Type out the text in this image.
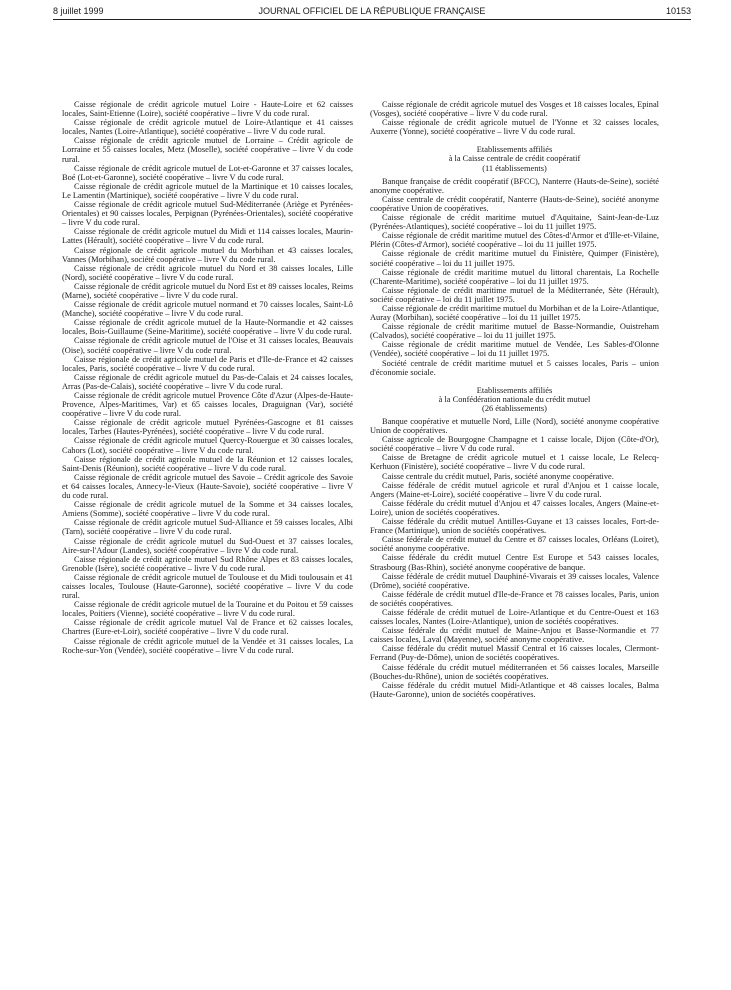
8 juillet 1999	JOURNAL OFFICIEL DE LA RÉPUBLIQUE FRANÇAISE	10153

Caisse régionale de crédit agricole mutuel Loire - Haute-Loire et 62 caisses locales, Saint-Etienne (Loire), société coopérative – livre V du code rural.

Caisse régionale de crédit agricole mutuel de Loire-Atlantique et 41 caisses locales, Nantes (Loire-Atlantique), société coopérative – livre V du code rural.

Caisse régionale de crédit agricole mutuel de Lorraine – Crédit agricole de Lorraine et 55 caisses locales, Metz (Moselle), société coopérative – livre V du code rural.

Caisse régionale de crédit agricole mutuel de Lot-et-Garonne et 37 caisses locales, Boé (Lot-et-Garonne), société coopérative – livre V du code rural.

Caisse régionale de crédit agricole mutuel de la Martinique et 10 caisses locales, Le Lamentin (Martinique), société coopérative – livre V du code rural.

Caisse régionale de crédit agricole mutuel Sud-Méditerranée (Ariège et Pyrénées-Orientales) et 90 caisses locales, Perpignan (Pyrénées-Orientales), société coopérative – livre V du code rural.

Caisse régionale de crédit agricole mutuel du Midi et 114 caisses locales, Maurin-Lattes (Hérault), société coopérative – livre V du code rural.

Caisse régionale de crédit agricole mutuel du Morbihan et 43 caisses locales, Vannes (Morbihan), société coopérative – livre V du code rural.

Caisse régionale de crédit agricole mutuel du Nord et 38 caisses locales, Lille (Nord), société coopérative – livre V du code rural.

Caisse régionale de crédit agricole mutuel du Nord Est et 89 caisses locales, Reims (Marne), société coopérative – livre V du code rural.

Caisse régionale de crédit agricole mutuel normand et 70 caisses locales, Saint-Lô (Manche), société coopérative – livre V du code rural.

Caisse régionale de crédit agricole mutuel de la Haute-Normandie et 42 caisses locales, Bois-Guillaume (Seine-Maritime), société coopérative – livre V du code rural.

Caisse régionale de crédit agricole mutuel de l'Oise et 31 caisses locales, Beauvais (Oise), société coopérative – livre V du code rural.

Caisse régionale de crédit agricole mutuel de Paris et d'Ile-de-France et 42 caisses locales, Paris, société coopérative – livre V du code rural.

Caisse régionale de crédit agricole mutuel du Pas-de-Calais et 24 caisses locales, Arras (Pas-de-Calais), société coopérative – livre V du code rural.

Caisse régionale de crédit agricole mutuel Provence Côte d'Azur (Alpes-de-Haute-Provence, Alpes-Maritimes, Var) et 65 caisses locales, Draguignan (Var), société coopérative – livre V du code rural.

Caisse régionale de crédit agricole mutuel Pyrénées-Gascogne et 81 caisses locales, Tarbes (Hautes-Pyrénées), société coopérative – livre V du code rural.

Caisse régionale de crédit agricole mutuel Quercy-Rouergue et 30 caisses locales, Cahors (Lot), société coopérative – livre V du code rural.

Caisse régionale de crédit agricole mutuel de la Réunion et 12 caisses locales, Saint-Denis (Réunion), société coopérative – livre V du code rural.

Caisse régionale de crédit agricole mutuel des Savoie – Crédit agricole des Savoie et 64 caisses locales, Annecy-le-Vieux (Haute-Savoie), société coopérative – livre V du code rural.

Caisse régionale de crédit agricole mutuel de la Somme et 34 caisses locales, Amiens (Somme), société coopérative – livre V du code rural.

Caisse régionale de crédit agricole mutuel Sud-Alliance et 59 caisses locales, Albi (Tarn), société coopérative – livre V du code rural.

Caisse régionale de crédit agricole mutuel du Sud-Ouest et 37 caisses locales, Aire-sur-l'Adour (Landes), société coopérative – livre V du code rural.

Caisse régionale de crédit agricole mutuel Sud Rhône Alpes et 83 caisses locales, Grenoble (Isère), société coopérative – livre V du code rural.

Caisse régionale de crédit agricole mutuel de Toulouse et du Midi toulousain et 41 caisses locales, Toulouse (Haute-Garonne), société coopérative – livre V du code rural.

Caisse régionale de crédit agricole mutuel de la Touraine et du Poitou et 59 caisses locales, Poitiers (Vienne), société coopérative – livre V du code rural.

Caisse régionale de crédit agricole mutuel Val de France et 62 caisses locales, Chartres (Eure-et-Loir), société coopérative – livre V du code rural.

Caisse régionale de crédit agricole mutuel de la Vendée et 31 caisses locales, La Roche-sur-Yon (Vendée), société coopérative – livre V du code rural.

Caisse régionale de crédit agricole mutuel des Vosges et 18 caisses locales, Epinal (Vosges), société coopérative – livre V du code rural.

Caisse régionale de crédit agricole mutuel de l'Yonne et 32 caisses locales, Auxerre (Yonne), société coopérative – livre V du code rural.

Etablissements affiliés

à la Caisse centrale de crédit coopératif

(11 établissements)

Banque française de crédit coopératif (BFCC), Nanterre (Hauts-de-Seine), société anonyme coopérative.

Caisse centrale de crédit coopératif, Nanterre (Hauts-de-Seine), société anonyme coopérative Union de coopératives.

Caisse régionale de crédit maritime mutuel d'Aquitaine, Saint-Jean-de-Luz (Pyrénées-Atlantiques), société coopérative – loi du 11 juillet 1975.

Caisse régionale de crédit maritime mutuel des Côtes-d'Armor et d'Ille-et-Vilaine, Plérin (Côtes-d'Armor), société coopérative – loi du 11 juillet 1975.

Caisse régionale de crédit maritime mutuel du Finistère, Quimper (Finistère), société coopérative – loi du 11 juillet 1975.

Caisse régionale de crédit maritime mutuel du littoral charentais, La Rochelle (Charente-Maritime), société coopérative – loi du 11 juillet 1975.

Caisse régionale de crédit maritime mutuel de la Méditerranée, Sète (Hérault), société coopérative – loi du 11 juillet 1975.

Caisse régionale de crédit maritime mutuel du Morbihan et de la Loire-Atlantique, Auray (Morbihan), société coopérative – loi du 11 juillet 1975.

Caisse régionale de crédit maritime mutuel de Basse-Normandie, Ouistreham (Calvados), société coopérative – loi du 11 juillet 1975.

Caisse régionale de crédit maritime mutuel de Vendée, Les Sables-d'Olonne (Vendée), société coopérative – loi du 11 juillet 1975.

Société centrale de crédit maritime mutuel et 5 caisses locales, Paris – union d'économie sociale.

Etablissements affiliés

à la Confédération nationale du crédit mutuel

(26 établissements)

Banque coopérative et mutuelle Nord, Lille (Nord), société anonyme coopérative Union de coopératives.

Caisse agricole de Bourgogne Champagne et 1 caisse locale, Dijon (Côte-d'Or), société coopérative – livre V du code rural.

Caisse de Bretagne de crédit agricole mutuel et 1 caisse locale, Le Relecq-Kerhuon (Finistère), société coopérative – livre V du code rural.

Caisse centrale du crédit mutuel, Paris, société anonyme coopérative.

Caisse fédérale de crédit mutuel agricole et rural d'Anjou et 1 caisse locale, Angers (Maine-et-Loire), société coopérative – livre V du code rural.

Caisse fédérale du crédit mutuel d'Anjou et 47 caisses locales, Angers (Maine-et-Loire), union de sociétés coopératives.

Caisse fédérale du crédit mutuel Antilles-Guyane et 13 caisses locales, Fort-de-France (Martinique), union de sociétés coopératives.

Caisse fédérale de crédit mutuel du Centre et 87 caisses locales, Orléans (Loiret), société anonyme coopérative.

Caisse fédérale du crédit mutuel Centre Est Europe et 543 caisses locales, Strasbourg (Bas-Rhin), société anonyme coopérative de banque.

Caisse fédérale de crédit mutuel Dauphiné-Vivarais et 39 caisses locales, Valence (Drôme), société coopérative.

Caisse fédérale de crédit mutuel d'Ile-de-France et 78 caisses locales, Paris, union de sociétés coopératives.

Caisse fédérale de crédit mutuel de Loire-Atlantique et du Centre-Ouest et 163 caisses locales, Nantes (Loire-Atlantique), union de sociétés coopératives.

Caisse fédérale du crédit mutuel de Maine-Anjou et Basse-Normandie et 77 caisses locales, Laval (Mayenne), société anonyme coopérative.

Caisse fédérale du crédit mutuel Massif Central et 16 caisses locales, Clermont-Ferrand (Puy-de-Dôme), union de sociétés coopératives.

Caisse fédérale du crédit mutuel méditerranéen et 56 caisses locales, Marseille (Bouches-du-Rhône), union de sociétés coopératives.

Caisse fédérale du crédit mutuel Midi-Atlantique et 48 caisses locales, Balma (Haute-Garonne), union de sociétés coopératives.
